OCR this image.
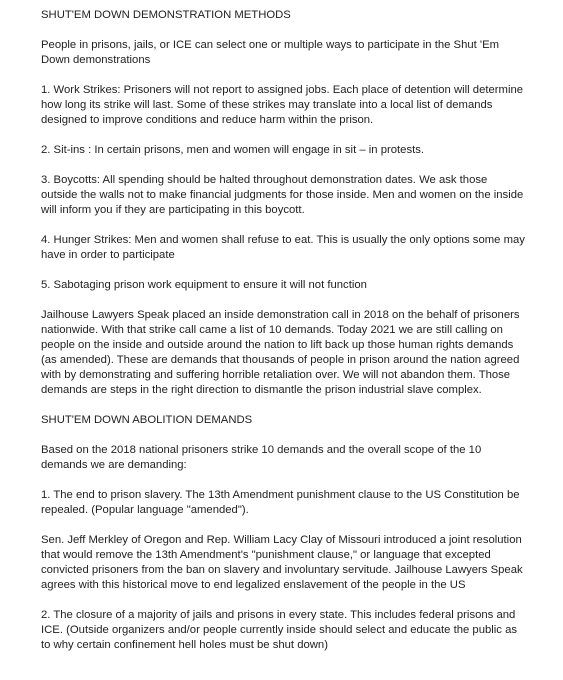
SHUT'EM DOWN DEMONSTRATION METHODS

People in prisons, jails, or ICE can select one or multiple ways to participate in the Shut 'Em Down demonstrations

1. Work Strikes: Prisoners will not report to assigned jobs. Each place of detention will determine how long its strike will last. Some of these strikes may translate into a local list of demands designed to improve conditions and reduce harm within the prison.

2. Sit-ins : In certain prisons, men and women will engage in sit – in protests.

3. Boycotts: All spending should be halted throughout demonstration dates. We ask those outside the walls not to make financial judgments for those inside. Men and women on the inside will inform you if they are participating in this boycott.

4. Hunger Strikes: Men and women shall refuse to eat. This is usually the only options some may have in order to participate

5. Sabotaging prison work equipment to ensure it will not function

Jailhouse Lawyers Speak placed an inside demonstration call in 2018 on the behalf of prisoners nationwide. With that strike call came a list of 10 demands. Today 2021 we are still calling on people on the inside and outside around the nation to lift back up those human rights demands (as amended). These are demands that thousands of people in prison around the nation agreed with by demonstrating and suffering horrible retaliation over. We will not abandon them. Those demands are steps in the right direction to dismantle the prison industrial slave complex.

SHUT'EM DOWN ABOLITION DEMANDS

Based on the 2018 national prisoners strike 10 demands and the overall scope of the 10 demands we are demanding:

1. The end to prison slavery. The 13th Amendment punishment clause to the US Constitution be repealed. (Popular language "amended").

Sen. Jeff Merkley of Oregon and Rep. William Lacy Clay of Missouri introduced a joint resolution that would remove the 13th Amendment's "punishment clause," or language that excepted convicted prisoners from the ban on slavery and involuntary servitude. Jailhouse Lawyers Speak agrees with this historical move to end legalized enslavement of the people in the US

2. The closure of a majority of jails and prisons in every state. This includes federal prisons and ICE. (Outside organizers and/or people currently inside should select and educate the public as to why certain confinement hell holes must be shut down)
